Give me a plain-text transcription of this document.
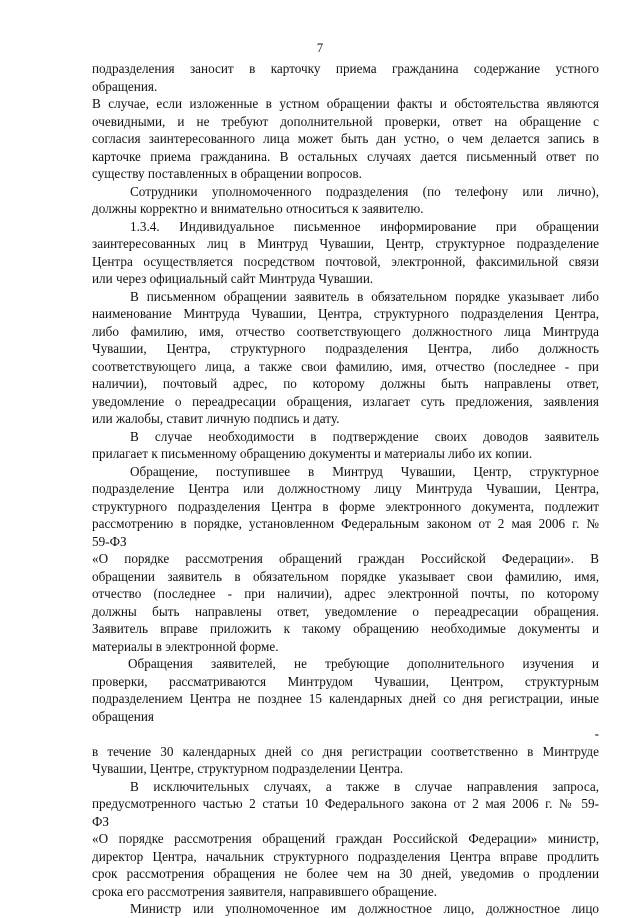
7
подразделения заносит в карточку приема гражданина содержание устного
обращения.
В случае, если изложенные в устном обращении факты и обстоятельства являются
очевидными, и не требуют дополнительной проверки, ответ на обращение с
согласия заинтересованного лица может быть дан устно, о чем делается запись в
карточке приема гражданина. В остальных случаях дается письменный ответ по
существу поставленных в обращении вопросов.
Сотрудники уполномоченного подразделения (по телефону или лично),
должны корректно и внимательно относиться к заявителю.
1.3.4. Индивидуальное письменное информирование при обращении
заинтересованных лиц в Минтруд Чувашии, Центр, структурное подразделение
Центра осуществляется посредством почтовой, электронной, факсимильной связи
или через официальный сайт Минтруда Чувашии.
В письменном обращении заявитель в обязательном порядке указывает либо
наименование Минтруда Чувашии, Центра, структурного подразделения Центра,
либо фамилию, имя, отчество соответствующего должностного лица Минтруда
Чувашии, Центра, структурного подразделения Центра, либо должность
соответствующего лица, а также свои фамилию, имя, отчество (последнее - при
наличии), почтовый адрес, по которому должны быть направлены ответ,
уведомление о переадресации обращения, излагает суть предложения, заявления
или жалобы, ставит личную подпись и дату.
В случае необходимости в подтверждение своих доводов заявитель
прилагает к письменному обращению документы и материалы либо их копии.
Обращение, поступившее в Минтруд Чувашии, Центр, структурное
подразделение Центра или должностному лицу Минтруда Чувашии, Центра,
структурного подразделения Центра в форме электронного документа, подлежит
рассмотрению в порядке, установленном Федеральным законом от 2 мая 2006 г. №
59-ФЗ
«О порядке рассмотрения обращений граждан Российской Федерации». В
обращении заявитель в обязательном порядке указывает свои фамилию, имя,
отчество (последнее - при наличии), адрес электронной почты, по которому
должны быть направлены ответ, уведомление о переадресации обращения.
Заявитель вправе приложить к такому обращению необходимые документы и
материалы в электронной форме.
Обращения заявителей, не требующие дополнительного изучения и
проверки, рассматриваются Минтрудом Чувашии, Центром, структурным
подразделением Центра не позднее 15 календарных дней со дня регистрации, иные
обращения
-
в течение 30 календарных дней со дня регистрации соответственно в Минтруде
Чувашии, Центре, структурном подразделении Центра.
В исключительных случаях, а также в случае направления запроса,
предусмотренного частью 2 статьи 10 Федерального закона от 2 мая 2006 г. № 59-
ФЗ
«О порядке рассмотрения обращений граждан Российской Федерации» министр,
директор Центра, начальник структурного подразделения Центра вправе продлить
срок рассмотрения обращения не более чем на 30 дней, уведомив о продлении
срока его рассмотрения заявителя, направившего обращение.
Министр или уполномоченное им должностное лицо, должностное лицо
